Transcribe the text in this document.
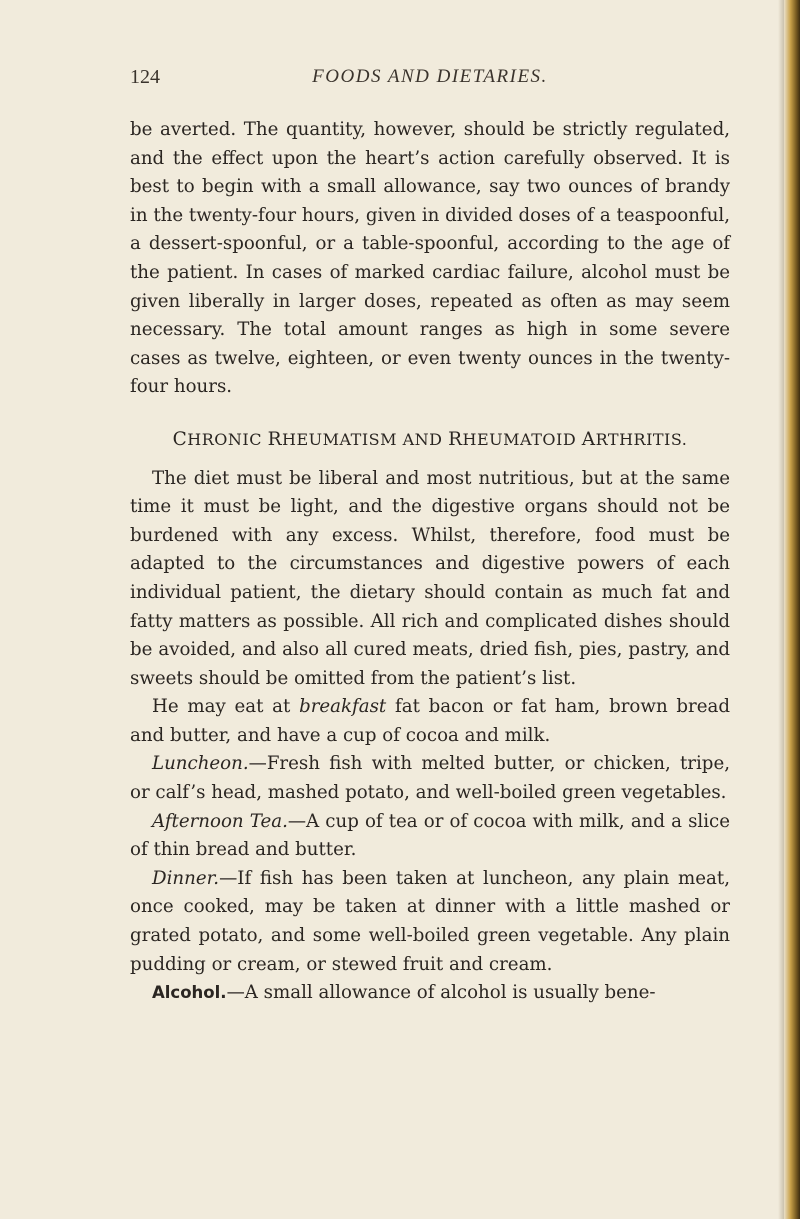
124	FOODS AND DIETARIES.

be averted. The quantity, however, should be strictly regulated, and the effect upon the heart’s action carefully observed. It is best to begin with a small allowance, say two ounces of brandy in the twenty-four hours, given in divided doses of a teaspoonful, a dessert-spoonful, or a table-spoonful, according to the age of the patient. In cases of marked cardiac failure, alcohol must be given liberally in larger doses, repeated as often as may seem necessary. The total amount ranges as high in some severe cases as twelve, eighteen, or even twenty ounces in the twenty-four hours.

CHRONIC RHEUMATISM AND RHEUMATOID ARTHRITIS.

The diet must be liberal and most nutritious, but at the same time it must be light, and the digestive organs should not be burdened with any excess. Whilst, therefore, food must be adapted to the circumstances and digestive powers of each individual patient, the dietary should contain as much fat and fatty matters as possible. All rich and complicated dishes should be avoided, and also all cured meats, dried fish, pies, pastry, and sweets should be omitted from the patient’s list.

He may eat at breakfast fat bacon or fat ham, brown bread and butter, and have a cup of cocoa and milk.

Luncheon.—Fresh fish with melted butter, or chicken, tripe, or calf’s head, mashed potato, and well-boiled green vegetables.

Afternoon Tea.—A cup of tea or of cocoa with milk, and a slice of thin bread and butter.

Dinner.—If fish has been taken at luncheon, any plain meat, once cooked, may be taken at dinner with a little mashed or grated potato, and some well-boiled green vegetable. Any plain pudding or cream, or stewed fruit and cream.

Alcohol.—A small allowance of alcohol is usually bene-
